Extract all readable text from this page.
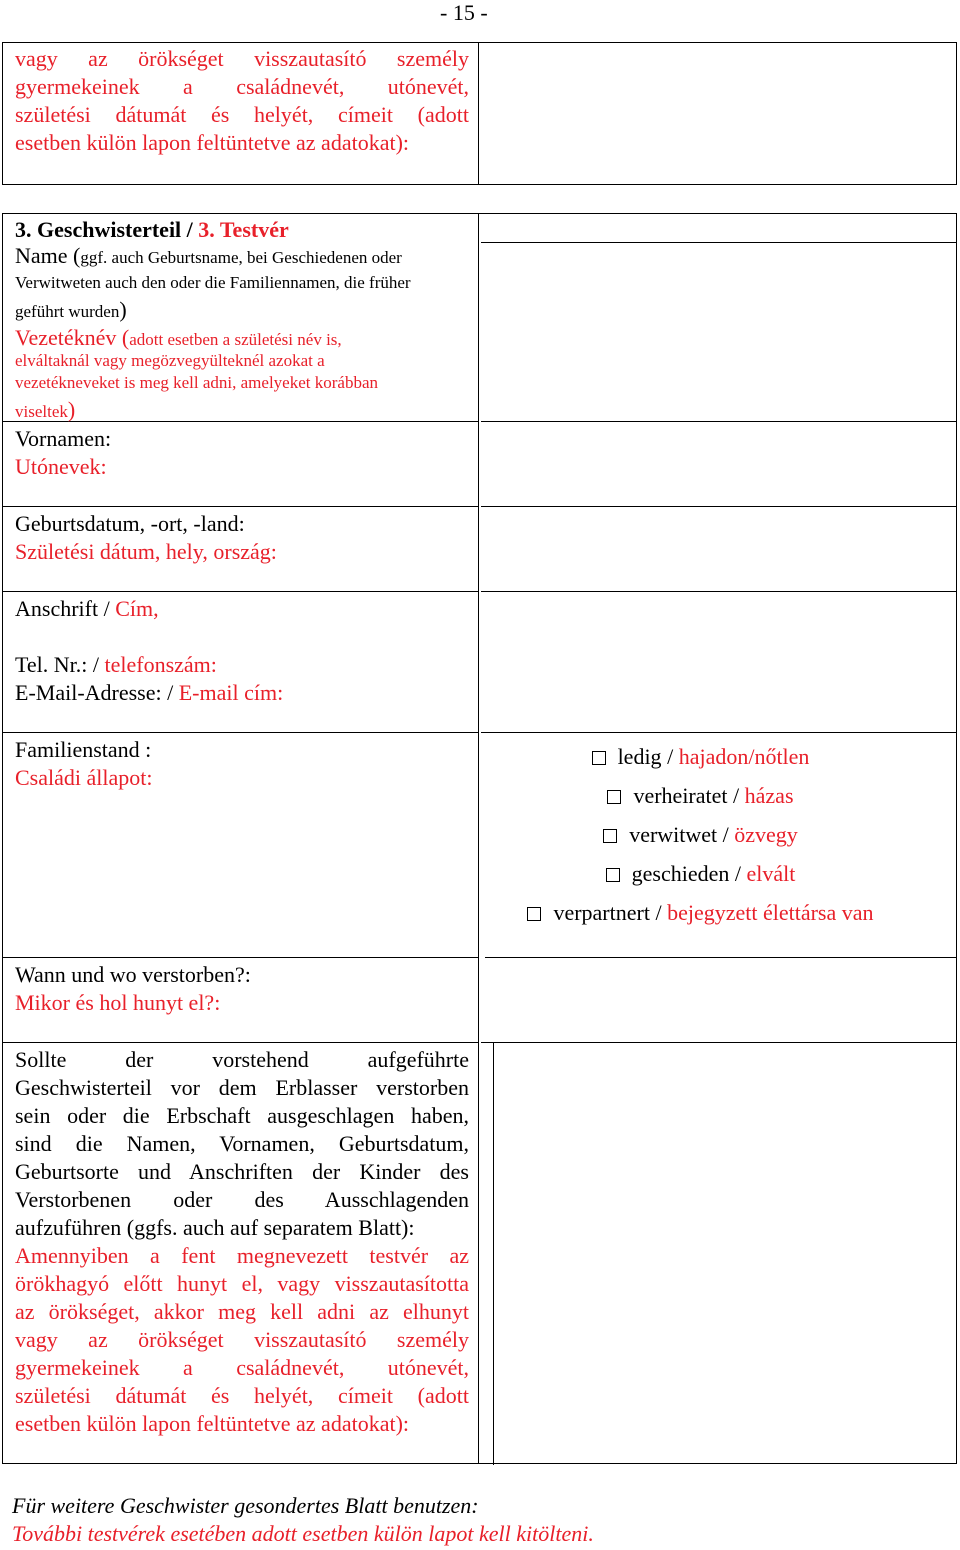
- 15 -
vagy az örökséget visszautasító személy
gyermekeinek a családnevét, utónevét,
születési dátumát és helyét, címeit (adott
esetben külön lapon feltüntetve az adatokat):
3. Geschwisterteil / 3. Testvér
Name (ggf. auch Geburtsname, bei Geschiedenen oder
Verwitweten auch den oder die Familiennamen, die früher
geführt wurden)
Vezetéknév (adott esetben a születési név is,
elváltaknál vagy megözvegyülteknél azokat a
vezetékneveket is meg kell adni, amelyeket korábban
viseltek)
Vornamen:
Utónevek:
Geburtsdatum, -ort, -land:
Születési dátum, hely, ország:
Anschrift / Cím,
Tel. Nr.: / telefonszám:
E-Mail-Adresse: / E-mail cím:
Familienstand :
Családi állapot:
Wann und wo verstorben?:
Mikor és hol hunyt el?:
Sollte der vorstehend aufgeführte
Geschwisterteil vor dem Erblasser verstorben
sein oder die Erbschaft ausgeschlagen haben,
sind die Namen, Vornamen, Geburtsdatum,
Geburtsorte und Anschriften der Kinder des
Verstorbenen oder des Ausschlagenden
aufzuführen (ggfs. auch auf separatem Blatt):
Amennyiben a fent megnevezett testvér az
örökhagyó előtt hunyt el, vagy visszautasította
az örökséget, akkor meg kell adni az elhunyt
vagy az örökséget visszautasító személy
gyermekeinek a családnevét, utónevét,
születési dátumát és helyét, címeit (adott
esetben külön lapon feltüntetve az adatokat):
ledig / hajadon/nőtlen
verheiratet / házas
verwitwet / özvegy
geschieden / elvált
verpartnert / bejegyzett élettársa van
Für weitere Geschwister gesondertes Blatt benutzen:
További testvérek esetében adott esetben külön lapot kell kitölteni.
